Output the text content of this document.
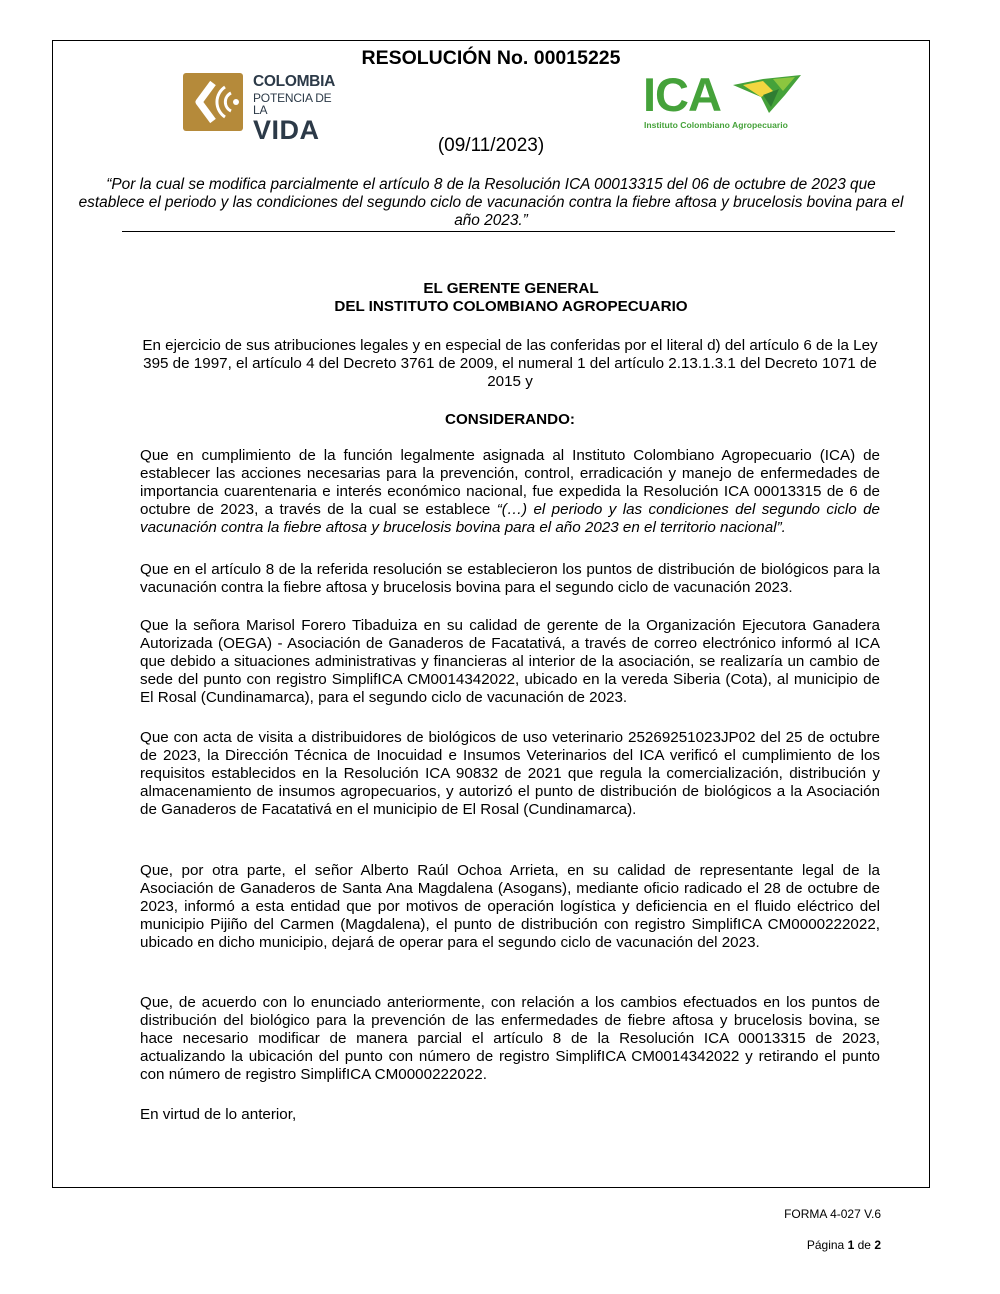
RESOLUCIÓN No. 00015225
COLOMBIA
POTENCIA DE LA
VIDA
ICA
Instituto Colombiano Agropecuario
(09/11/2023)
“Por la cual se modifica parcialmente el artículo 8 de la Resolución ICA 00013315 del 06 de octubre de 2023 que establece el periodo y las condiciones del segundo ciclo de vacunación contra la fiebre aftosa y brucelosis bovina para el año 2023.”
EL GERENTE GENERAL
DEL INSTITUTO COLOMBIANO AGROPECUARIO
En ejercicio de sus atribuciones legales y en especial de las conferidas por el literal d) del artículo 6 de la Ley 395 de 1997, el artículo 4 del Decreto 3761 de 2009, el numeral 1 del artículo 2.13.1.3.1 del Decreto 1071 de 2015 y
CONSIDERANDO:
Que en cumplimiento de la función legalmente asignada al Instituto Colombiano Agropecuario (ICA) de establecer las acciones necesarias para la prevención, control, erradicación y manejo de enfermedades de importancia cuarentenaria e interés económico nacional, fue expedida la Resolución ICA 00013315 de 6 de octubre de 2023, a través de la cual se establece “(…) el periodo y las condiciones del segundo ciclo de vacunación contra la fiebre aftosa y brucelosis bovina para el año 2023 en el territorio nacional”.
Que en el artículo 8 de la referida resolución se establecieron los puntos de distribución de biológicos para la vacunación contra la fiebre aftosa y brucelosis bovina para el segundo ciclo de vacunación 2023.
Que la señora Marisol Forero Tibaduiza en su calidad de gerente de la Organización Ejecutora Ganadera Autorizada (OEGA) - Asociación de Ganaderos de Facatativá, a través de correo electrónico informó al ICA que debido a situaciones administrativas y financieras al interior de la asociación, se realizaría un cambio de sede del punto con registro SimplifICA CM0014342022, ubicado en la vereda Siberia (Cota), al municipio de El Rosal (Cundinamarca), para el segundo ciclo de vacunación de 2023.
Que con acta de visita a distribuidores de biológicos de uso veterinario 25269251023JP02 del 25 de octubre de 2023, la Dirección Técnica de Inocuidad e Insumos Veterinarios del ICA verificó el cumplimiento de los requisitos establecidos en la Resolución ICA 90832 de 2021 que regula la comercialización, distribución y almacenamiento de insumos agropecuarios, y autorizó el punto de distribución de biológicos a la Asociación de Ganaderos de Facatativá en el municipio de El Rosal (Cundinamarca).
Que, por otra parte, el señor Alberto Raúl Ochoa Arrieta, en su calidad de representante legal de la Asociación de Ganaderos de Santa Ana Magdalena (Asogans), mediante oficio radicado el 28 de octubre de 2023, informó a esta entidad que por motivos de operación logística y deficiencia en el fluido eléctrico del municipio Pijiño del Carmen (Magdalena), el punto de distribución con registro SimplifICA CM0000222022, ubicado en dicho municipio, dejará de operar para el segundo ciclo de vacunación del 2023.
Que, de acuerdo con lo enunciado anteriormente, con relación a los cambios efectuados en los puntos de distribución del biológico para la prevención de las enfermedades de fiebre aftosa y brucelosis bovina, se hace necesario modificar de manera parcial el artículo 8 de la Resolución ICA 00013315 de 2023, actualizando la ubicación del punto con número de registro SimplifICA CM0014342022 y retirando el punto con número de registro SimplifICA CM0000222022.
En virtud de lo anterior,
FORMA 4-027 V.6
Página 1 de 2
